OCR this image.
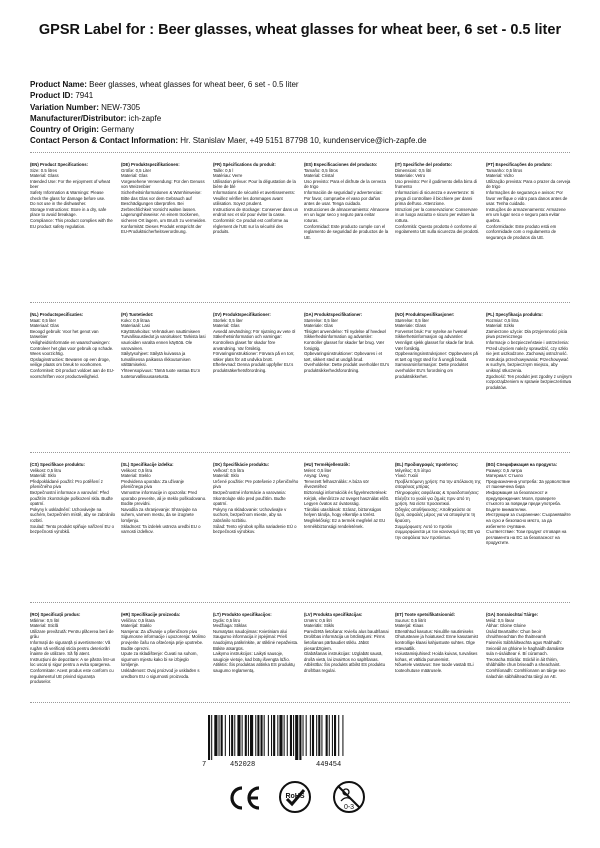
GPSR Label for : Beer glasses, wheat glasses for wheat beer, 6 set - 0.5 liter
Product Name: Beer glasses, wheat glasses for wheat beer, 6 set - 0.5 liter
Product ID: 7941
Variation Number: NEW-7305
Manufacturer/Distributor: ich-zapfe
Country of Origin: Germany
Contact Person & Contact Information: Hr. Stanislav Maer, +49 5151 87798 10, kundenservice@ich-zapfe.de
(EN) Product Specifications:

Size: 0.5 litres
Material: Glass
Intended Use: For the enjoyment of wheat beer
Safety Information & Warnings: Please check the glass for damage before use.
Do not use in the dishwasher.
Storage Instructions: Store in a dry, safe place to avoid breakage.
Compliance: This product complies with the EU product safety regulation.

(DE) Produktspezifikationen:

Größe: 0,5 Liter
Material: Glas
Vorgesehene Verwendung: Für den Genuss von Weizenbier
Sicherheitsinformationen & Warnhinweise: Bitte das Glas vor dem Gebrauch auf Beschädigungen überprüfen. Bei Zerbrechlichkeit Vorsicht walten lassen.
Lagerungshinweise: An einem trockenen, sicheren Ort lagern, um Bruch zu vermeiden.
Konformität: Dieses Produkt entspricht der EU-Produktsicherheitsverordnung.

(FR) Spécifications du produit:

Taille: 0,5 l
Matériau: Verre
Utilisation prévue: Pour la dégustation de la bière de blé
Informations de sécurité et avertissements: Veuillez vérifier les dommages avant utilisation. Soyez prudent.
Instructions de stockage: Conserver dans un endroit sec et sûr pour éviter la casse.
Conformité: Ce produit est conforme au règlement de l'UE sur la sécurité des produits.

(ES) Especificaciones del producto:

Tamaño: 0,5 litros
Material: Cristal
Uso previsto: Para el disfrute de la cerveza de trigo
Información de seguridad y advertencias: Por favor, compruebe el vaso por daños antes de usar. Tenga cuidado.
Instrucciones de almacenamiento: Almacene en un lugar seco y seguro para evitar roturas.
Conformidad: Este producto cumple con el reglamento de seguridad de productos de la UE.

(IT) Specifiche del prodotto:

Dimensioni: 0,5 litri
Materiale: Vetro
Uso previsto: Per il godimento della birra di frumento
Informazioni di sicurezza e avvertenze: Si prega di controllare il bicchiere per danni prima dell'uso. Attenzione.
Istruzioni per la conservazione: Conservare in un luogo asciutto e sicuro per evitare la rottura.
Conformità: Questo prodotto è conforme al regolamento UE sulla sicurezza dei prodotti.

(PT) Especificações do produto:

Tamanho: 0,5 litros
Material: Vidro
Utilização prevista: Para o prazer da cerveja de trigo
Informações de segurança e avisos: Por favor verifique o vidro para danos antes de usar. Tenha cuidado.
Instruções de armazenamento: Armazene em um lugar seco e seguro para evitar quebra.
Conformidade: Este produto está em conformidade com o regulamento de segurança de produtos da UE.

(NL) Productspecificaties:

Maat: 0,5 liter
Materiaal: Glas
Beoogd gebruik: Voor het genot van tarwebier
Veiligheidsinformatie en waarschuwingen: Controleer het glas voor gebruik op schade. Wees voorzichtig.
Opslaginstructies: Bewaren op een droge, veilige plaats om breuk te voorkomen.
Conformiteit: Dit product voldoet aan de EU-voorschriften voor productveiligheid.

(FI) Tuotetiedot:

Koko: 0,5 litraa
Materiaali: Lasi
Käyttötarkoitus: Vehnäoluen nauttimiseen
Turvallisuustiedot ja varoitukset: Tarkista lasi vaurioiden varalta ennen käyttöä. Ole varovainen.
Säilytysohjeet: Säilytä kuivassa ja turvallisessa paikassa rikkoutumisen välttämiseksi.
Yhteensopivuus: Tämä tuote vastaa EU:n tuoteturvallisuusasetusta.

(SV) Produktspecifikationer:

Storlek: 0,5 liter
Material: Glas
Avsedd användning: För njutning av vete öl
Säkerhetsinformation och varningar: Kontrollera glaset för skador före användning. Var försiktig.
Förvaringsinstruktioner: Förvara på en torr, säker plats för att undvika brott.
Efterlevnad: Denna produkt uppfyller EU:s produktsäkerhetsförordning.

(DA) Produktspecifikationer:

Størrelse: 0,5 liter
Materiale: Glas
Tilsigtet anvendelse: Til nydelse af hvedeøl
Sikkerhedsinformation og advarsler: Kontroller glasset for skader før brug. Vær forsigtig.
Opbevaringsinstruktioner: Opbevares i et tørt, sikkert sted at undgå brud.
Overholdelse: Dette produkt overholder EU's produktsikkerhedsforordning.

(NO) Produktspesifikasjoner:

Størrelse: 0,5 liter
Materiale: Glass
Forventet bruk: For nytelse av hveteøl
Sikkerhetsinformasjon og advarsler: Vennligst sjekk glasset for skade før bruk. Vær forsiktig.
Oppbevaringsinstruksjoner: Oppbevares på et tørt og trygt sted for å unngå brudd.
Samsvarsinformasjon: Dette produktet overholder EU's forordning om produktsikkerhet.

(PL) Specyfikacja produktu:

Rozmiar: 0,5 litra
Materiał: Szkło
Zamierzone użycie: Dla przyjemności picia piwa pszenicznego
Informacje o bezpieczeństwie i ostrzeżenia: Przed użyciem należy sprawdzić, czy szkło nie jest uszkodzone. Zachowaj ostrożność.
Instrukcja przechowywania: Przechowywać w suchym, bezpiecznym miejscu, aby uniknąć stłuczenia.
Zgodność: Ten produkt jest zgodny z unijnym rozporządzeniem w sprawie bezpieczeństwa produktów.

(CS) Specifikace produktu:

Velikost: 0,5 litru
Materiál: Sklo
Předpokládané použití: Pro potěšení z pšeničného piva
Bezpečnostní informace a varování: Před použitím zkontrolujte poškození skla. Buďte opatrní.
Pokyny k uskladnění: Uchovávejte na suchém, bezpečném místě, aby se zabránilo rozbití.
Soulad: Tento produkt splňuje nařízení EU o bezpečnosti výrobků.

(SL) Specifikacije izdelka:

Velikost: 0,5 litra
Material: Steklo
Predvidena uporaba: Za uživanje pšeničnega piva
Varnostne informacije in opozorila: Pred uporabo preverite, ali je steklo poškodovano. Bodite previdni.
Navodila za shranjevanje: Shranjujte na suhem, varnem mestu, da se izognete lomljenju.
Skladnost: Ta izdelek ustreza uredbi EU o varnosti izdelkov.

(SK) Špecifikácie produktu:

Veľkosť: 0,5 litra
Materiál: Sklo
Určené použitie: Pre potešenie z pšeničného piva
Bezpečnostné informácie a varovania: Skontrolujte sklo pred použitím. Buďte opatrní.
Pokyny na skladovanie: Uchovávajte v suchom, bezpečnom mieste, aby sa zabránilo rozbitiu.
Súlad: Tento výrobok spĺňa nariadenie EÚ o bezpečnosti výrobkov.

(HU) Termékjellemzők:

Méret: 0,5 liter
Anyag: Üveg
Tervezett felhasználás: A búza sör élvezetéhez
Biztonsági információk és figyelmeztetések: Kérjük, ellenőrizze az üveget használat előtt. Legyen óvatos az óvatosság.
Tárolási utasítások: Száraz, biztonságos helyen tárolja, hogy elkerülje a törést.
Megfelelőség: Ez a termék megfelel az EU termékbiztonsági rendeletének.

(EL) Προδιαγραφές προϊόντος:

Μέγεθος: 0,5 λίτρα
Υλικό: Γυαλί
Προβλεπόμενη χρήση: Για την απόλαυση της σιταρένιας μπίρας
Πληροφορίες ασφάλειας & προειδοποιήσεις: Ελέγξτε το γυαλί για ζημιές πριν από τη χρήση. Να είστε προσεκτικοί.
Οδηγίες αποθήκευσης: Αποθηκεύστε σε ξηρό, ασφαλές μέρος για να αποφύγετε τη θραύση.
Συμμόρφωση: Αυτό το προϊόν συμμορφώνεται με τον κανονισμό της ΕΕ για την ασφάλεια των προϊόντων.

(BG) Спецификация на продукта:

Размер: 0,5 литра
Материал: Стъкло
Предназначена употреба: За удоволствие от пшеничена бира
Информация за безопасност и предупреждения: Моля, проверете стъклото за повреди преди употреба. Бъдете внимателни.
Инструкции за съхранение: Съхранявайте на сухо и безопасно място, за да избегнете счупване.
Съответствие: Този продукт отговаря на регламента на ЕС за безопасност на продуктите.

(RO) Specificații produs:

Mărime: 0,5 litri
Material: Sticlă
Utilizare prevăzută: Pentru plăcerea berii de grâu
Informații de siguranță și avertismente: Vă rugăm să verificați sticla pentru deteriorări înainte de utilizare. Să fiți atent.
Instrucțiuni de depozitare: A se păstra într-un loc uscat și sigur pentru a evita spargerea.
Conformitate: Acest produs este conform cu regulamentul UE privind siguranța produselor.

(HR) Specifikacije proizvoda:

Veličina: 0,5 litara
Materijal: Staklo
Namjena: Za uživanje u pšeničnom pivu
Sigurnosne informacije i upozorenja: Molimo provjerite čašu na oštećenja prije upotrebe. Budite oprezni.
Upute za skladištenje: Čuvati na suhom, sigurnom mjestu kako bi se izbjeglo lomljenje.
Usklađenost: Ovaj proizvod je usklađen s uredbom EU o sigurnosti proizvoda.

(LT) Produkto specifikacijos:

Dydis: 0,5 litro
Medžiaga: Stiklas
Numatytas naudojimas: Kvietiniam alui
Saugumo informacija ir įspėjimai: Prieš naudojimą patikrinkite, ar stiklinė nepažeista. Būkite atsargūs.
Laikymo instrukcijos: Laikyti sausoje, saugioje vietoje, kad būtų išvengta lūžio.
Atitiktis: Šis produktas atitinka ES produktų saugumo reglamentą.

(LV) Produkta specifikācijas:

Izmērs: 0,5 litri
Materiāls: Stikls
Paredzētā lietošana: Kviešu alus baudīšanai
Drošības informācija un brīdinājumi: Pirms lietošanas pārbaudiet stiklu. Jābūt piesardzīgiem.
Glabāšanas instrukcijas: Uzglabāt sausā, drošā vietā, lai izvairītos no saplīšanas.
Atbilstība: Šis produkts atbilst ES produktu drošības regulai.

(ET) Toote spetsifikatsioonid:

Suurus: 0,5 liitrit
Materjal: Klaas
Ettenähtud kasutus: Nisuõlle nautimiseks
Ohutusteave ja hoiatused: Enne kasutamist kontrollige klaasi kahjustuste suhtes. Olge ettevaatlik.
Hoiustamisjuhised: Hoida kuivas, turvalises kohas, et vältida purunemist.
Nõuetele vastavus: See toode vastab ELi tooteohutuse määrusele.

(GA) Sonraíochtaí Táirge:

Méid: 0,5 litear
Ábhar: Gloine Gloine
Úsáid Beartaithe: Chun beoir chruithneachtan the thaitneamh
Faisnéis Sábháilteachta agus Rabhadh: Seiceáil an ghloine le haghaidh damáiste sula n-úsáidtear é. Bí cúramach.
Treoracha Stórála: Stóráil in áit thirim, shábháilte chun briseadh a sheachaint.
Comhlíonadh: Comhlíonann an táirge seo rialachán sábháilteachta táirgí an AE.

7	452028	449454
RoHS
0-3
